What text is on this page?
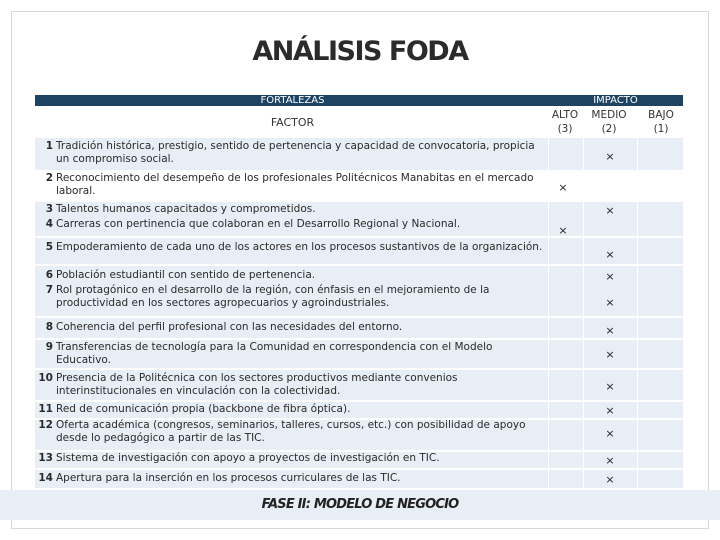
ANÁLISIS FODA
FORTALEZAS	IMPACTO
FACTOR
ALTO
(3)
MEDIO
(2)
BAJO
(1)
1 Tradición histórica, prestigio, sentido de pertenencia y capacidad de convocatoria, propicia un compromiso social.
2 Reconocimiento del desempeño de los profesionales Politécnicos Manabitas en el mercado laboral.
3 Talentos humanos capacitados y comprometidos.
4 Carreras con pertinencia que colaboran en el Desarrollo Regional y Nacional.
5 Empoderamiento de cada uno de los actores en los procesos sustantivos de la organización.
6 Población estudiantil con sentido de pertenencia.
7 Rol protagónico en el desarrollo de la región, con énfasis en el mejoramiento de la productividad en los sectores agropecuarios y agroindustriales.
8 Coherencia del perfil profesional con las necesidades del entorno.
9 Transferencias de tecnología para la Comunidad en correspondencia con el Modelo Educativo.
10 Presencia de la Politécnica con los sectores productivos mediante convenios interinstitucionales en vinculación con la colectividad.
11 Red de comunicación propia (backbone de fibra óptica).
12 Oferta académica (congresos, seminarios, talleres, cursos, etc.) con posibilidad de apoyo desde lo pedagógico a partir de las TIC.
13 Sistema de investigación con apoyo a proyectos de investigación en TIC.
14 Apertura para la inserción en los procesos curriculares de las TIC.
×
×
×
×
×
×
×
×
×
×
×
×
×
×
FASE II: MODELO DE NEGOCIO
